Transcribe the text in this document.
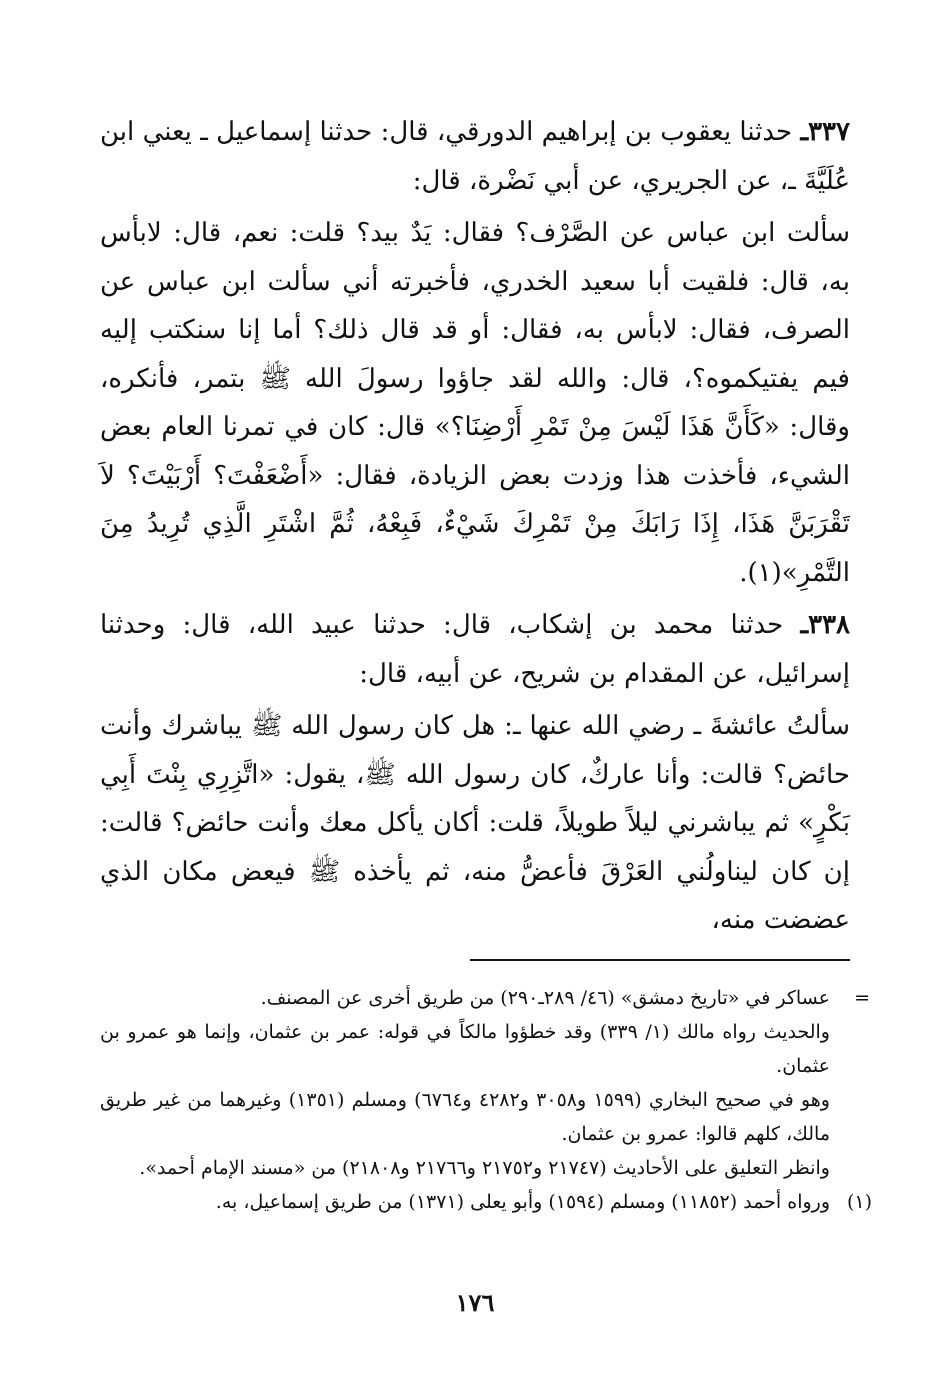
٣٣٧ـ حدثنا يعقوب بن إبراهيم الدورقي، قال: حدثنا إسماعيل ـ يعني ابن عُلَيَّةَ ـ، عن الجريري، عن أبي نَضْرة، قال:

سألت ابن عباس عن الصَّرْف؟ فقال: يَدٌ بيد؟ قلت: نعم، قال: لابأس به، قال: فلقيت أبا سعيد الخدري، فأخبرته أني سألت ابن عباس عن الصرف، فقال: لابأس به، فقال: أو قد قال ذلك؟ أما إنا سنكتب إليه فيم يفتيكموه؟، قال: والله لقد جاؤوا رسولَ الله ﷺ بتمر، فأنكره، وقال: «كَأَنَّ هَذَا لَيْسَ مِنْ تَمْرِ أَرْضِنَا؟» قال: كان في تمرنا العام بعض الشيء، فأخذت هذا وزدت بعض الزيادة، فقال: «أَضْعَفْتَ؟ أَرْبَيْتَ؟ لاَ تَقْرَبَنَّ هَذَا، إِذَا رَابَكَ مِنْ تَمْرِكَ شَيْءٌ، فَبِعْهُ، ثُمَّ اشْتَرِ الَّذِي تُرِيدُ مِنَ التَّمْرِ»(١).

٣٣٨ـ حدثنا محمد بن إشكاب، قال: حدثنا عبيد الله، قال: وحدثنا إسرائيل، عن المقدام بن شريح، عن أبيه، قال:

سألتُ عائشةَ ـ رضي الله عنها ـ: هل كان رسول الله ﷺ يباشرك وأنت حائض؟ قالت: وأنا عاركٌ، كان رسول الله ﷺ، يقول: «اتَّزِرِي بِنْتَ أَبِي بَكْرٍ» ثم يباشرني ليلاً طويلاً، قلت: أكان يأكل معك وأنت حائض؟ قالت: إن كان ليناولُني العَرْقَ فأعضُّ منه، ثم يأخذه ﷺ فيعض مكان الذي عضضت منه،

=
عساكر في «تاريخ دمشق» (٤٦/ ٢٨٩ـ٢٩٠) من طريق أخرى عن المصنف.

والحديث رواه مالك (١/ ٣٣٩) وقد خطؤوا مالكاً في قوله: عمر بن عثمان، وإنما هو عمرو بن عثمان.

وهو في صحيح البخاري (١٥٩٩ و٣٠٥٨ و٤٢٨٢ و٦٧٦٤) ومسلم (١٣٥١) وغيرهما من غير طريق مالك، كلهم قالوا: عمرو بن عثمان.

وانظر التعليق على الأحاديث (٢١٧٤٧ و٢١٧٥٢ و٢١٧٦٦ و٢١٨٠٨) من «مسند الإمام أحمد».

(١)
ورواه أحمد (١١٨٥٢) ومسلم (١٥٩٤) وأبو يعلى (١٣٧١) من طريق إسماعيل، به.

١٧٦
